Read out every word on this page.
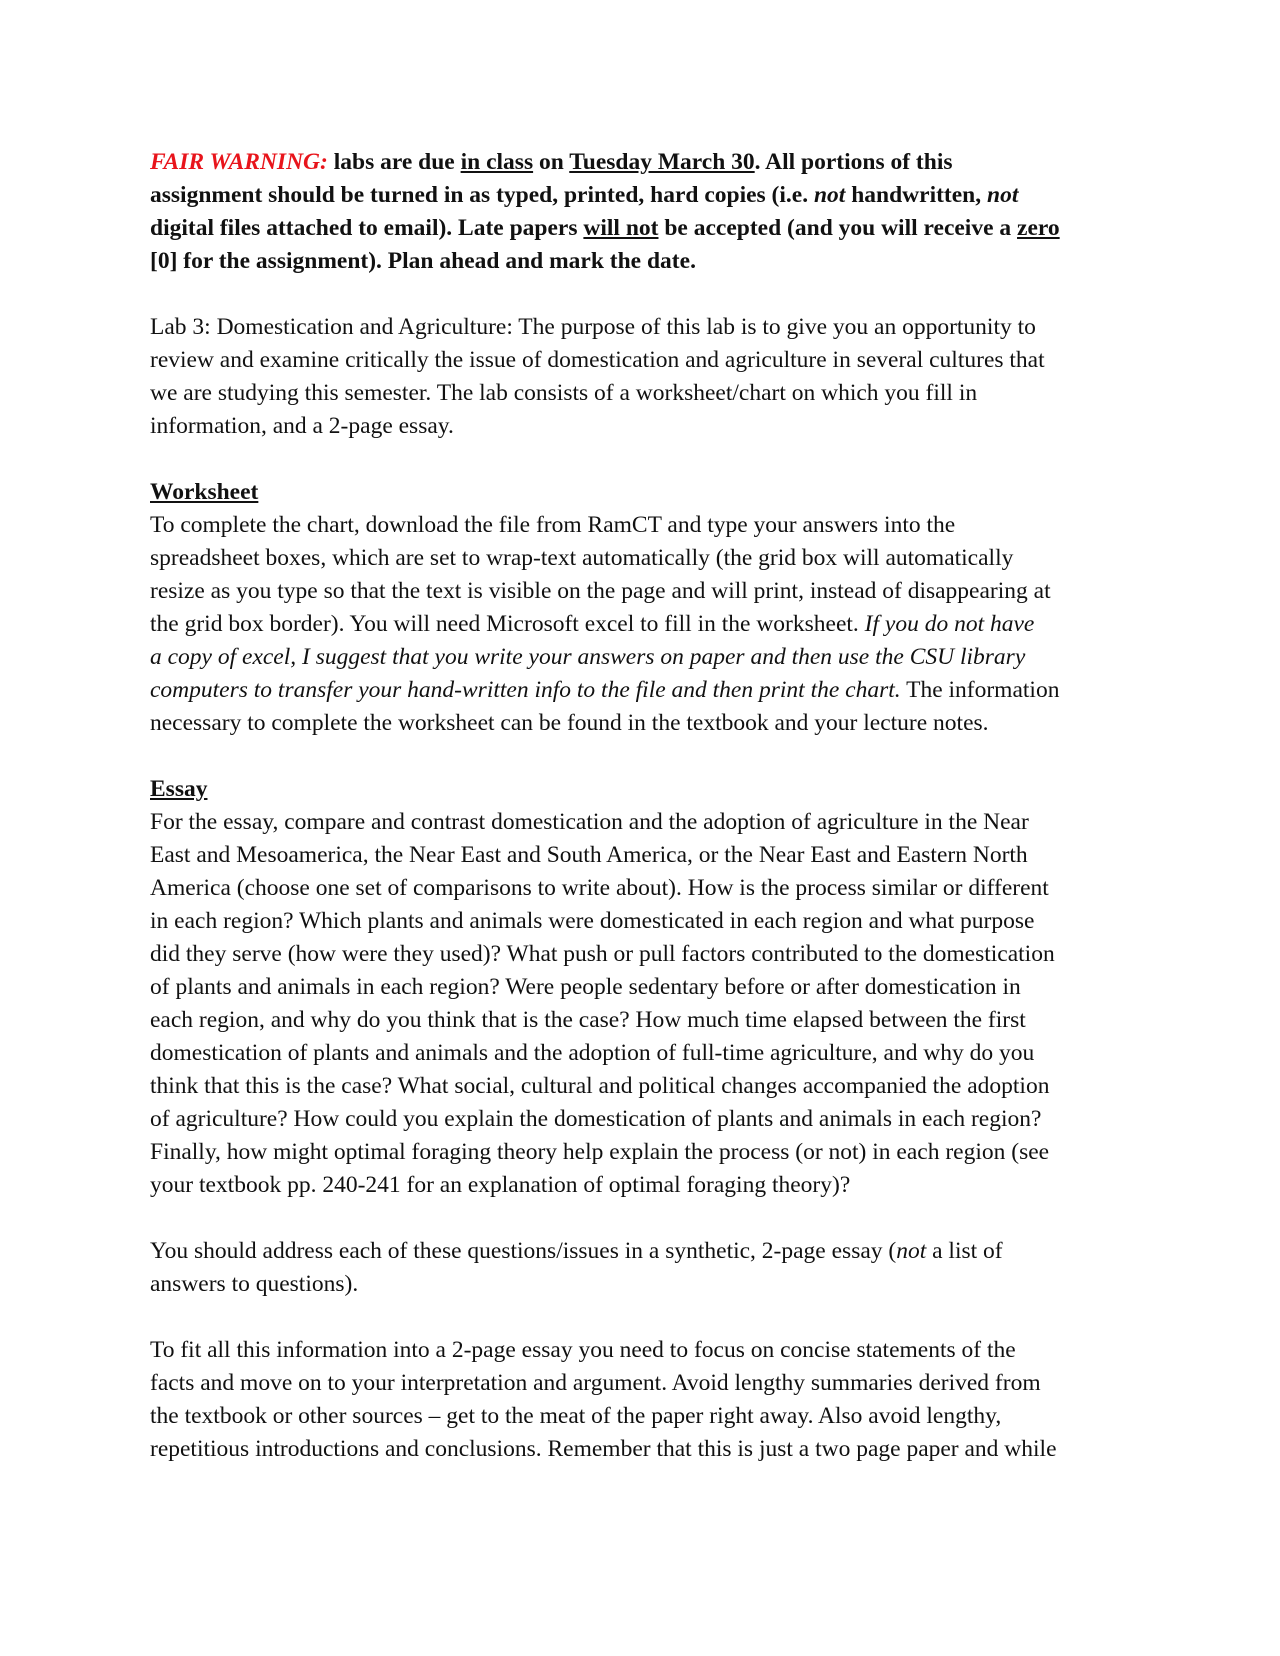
FAIR WARNING: labs are due in class on Tuesday March 30. All portions of this
assignment should be turned in as typed, printed, hard copies (i.e. not handwritten, not
digital files attached to email). Late papers will not be accepted (and you will receive a zero
[0] for the assignment). Plan ahead and mark the date.
Lab 3: Domestication and Agriculture: The purpose of this lab is to give you an opportunity to
review and examine critically the issue of domestication and agriculture in several cultures that
we are studying this semester. The lab consists of a worksheet/chart on which you fill in
information, and a 2-page essay.
Worksheet
To complete the chart, download the file from RamCT and type your answers into the
spreadsheet boxes, which are set to wrap-text automatically (the grid box will automatically
resize as you type so that the text is visible on the page and will print, instead of disappearing at
the grid box border). You will need Microsoft excel to fill in the worksheet. If you do not have
a copy of excel, I suggest that you write your answers on paper and then use the CSU library
computers to transfer your hand-written info to the file and then print the chart. The information
necessary to complete the worksheet can be found in the textbook and your lecture notes.
Essay
For the essay, compare and contrast domestication and the adoption of agriculture in the Near
East and Mesoamerica, the Near East and South America, or the Near East and Eastern North
America (choose one set of comparisons to write about). How is the process similar or different
in each region? Which plants and animals were domesticated in each region and what purpose
did they serve (how were they used)? What push or pull factors contributed to the domestication
of plants and animals in each region? Were people sedentary before or after domestication in
each region, and why do you think that is the case? How much time elapsed between the first
domestication of plants and animals and the adoption of full-time agriculture, and why do you
think that this is the case? What social, cultural and political changes accompanied the adoption
of agriculture? How could you explain the domestication of plants and animals in each region?
Finally, how might optimal foraging theory help explain the process (or not) in each region (see
your textbook pp. 240-241 for an explanation of optimal foraging theory)?
You should address each of these questions/issues in a synthetic, 2-page essay (not a list of
answers to questions).
To fit all this information into a 2-page essay you need to focus on concise statements of the
facts and move on to your interpretation and argument. Avoid lengthy summaries derived from
the textbook or other sources – get to the meat of the paper right away. Also avoid lengthy,
repetitious introductions and conclusions. Remember that this is just a two page paper and while
